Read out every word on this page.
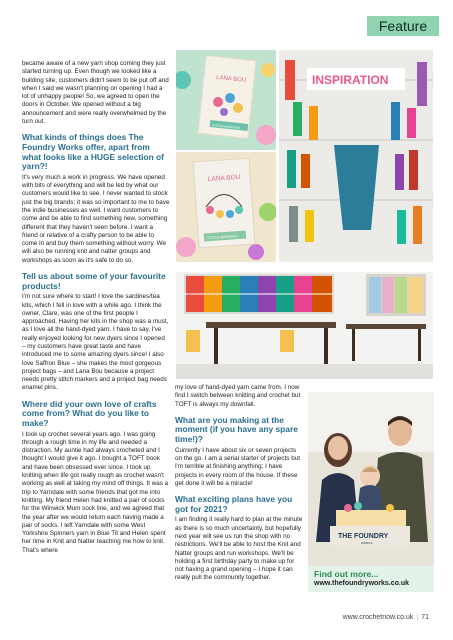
Feature

became aware of a new yarn shop coming they just started turning up. Even though we looked like a building site, customers didn't seem to be put off and when I said we wasn't planning on opening I had a lot of unhappy people! So, we agreed to open the doors in October. We opened without a big announcement and were really overwhelmed by the turn out.

What kinds of things does The Foundry Works offer, apart from what looks like a HUGE selection of yarn?!

It's very much a work in progress. We have opened with bits of everything and will be led by what our customers would like to see. I never wanted to stock just the big brands; it was so important to me to have the indie businesses as well. I want customers to come and be able to find something new, something different that they haven't seen before. I want a friend or relative of a crafty person to be able to come in and buy them something without worry. We will also be running knit and natter groups and workshops as soon as it's safe to do so.

Tell us about some of your favourite products!

I'm not sure where to start! I love the sardines/tea kits, which I fell in love with a while ago. I think the owner, Clare, was one of the first people I approached. Having her kits in the shop was a must, as I love all the hand-dyed yarn. I have to say, I've really enjoyed looking for new dyers since I opened – my customers have great taste and have introduced me to some amazing dyers since! I also love Saffron Blue – she makes the most gorgeous project bags – and Lana Bou because a project needs pretty stitch markers and a project bag needs enamel pins.

Where did your own love of crafts come from? What do you like to make?

I took up crochet several years ago. I was going through a rough time in my life and needed a distraction. My auntie had always crocheted and I thought I would give it ago. I bought a TOFT book and have been obsessed ever since. I took up knitting when life got really rough as crochet wasn't working as well at taking my mind off things. It was a trip to Yarndale with some friends that got me into knitting. My friend Helen had knitted a pair of socks for the Winwick Mum sock line, and we agreed that the year after we would return each having made a pair of socks. I left Yarndale with some West Yorkshire Spinners yarn in Blue Tit and Helen spent her time in Knit and Natter teaching me how to knit. That's where

LANA BOU
STITCH MARKERS
LANA BOU
STITCH MARKERS
INSPIRATION

my love of hand-dyed yarn came from. I now find I switch between knitting and crochet but TOFT is always my downfall.

What are you making at the moment (if you have any spare time!)?

Currently I have about six or seven projects on the go. I am a serial starter of projects but I'm terrible at finishing anything; I have projects in every room of the house. If these get done it will be a miracle!

What exciting plans have you got for 2021?

I am finding it really hard to plan at the minute as there is so much uncertainty, but hopefully next year will see us run the shop with no restrictions. We'll be able to host the Knit and Natter groups and run workshops. We'll be holding a first birthday party to make up for not having a grand opening – I hope it can really pull the community together.

THE FOUNDRY
WORKS
Find out more...
www.thefoundryworks.co.uk
www.crochetnow.co.uk | 71
